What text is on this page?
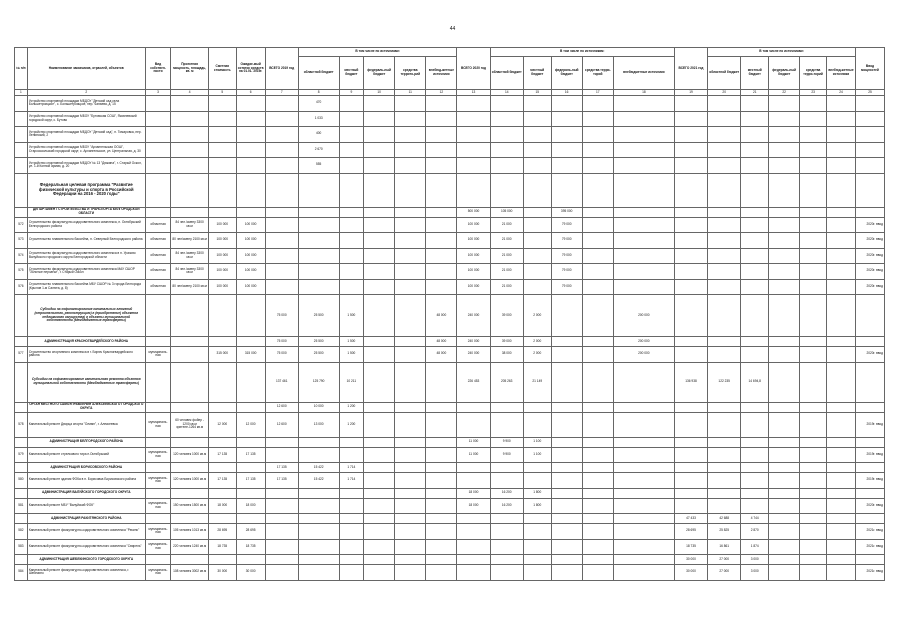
44
№ п/п	Наименование заказчиков, отраслей, объектов	Вид собствен-ности	Проектная мощность, площадь, кв. м	Сметная стоимость	Ожидае-мый остаток средств на 01.01. 2019г.	ВСЕГО 2019 год	В том числе по источникам:					ВСЕГО 2020 год	В том числе по источникам:					ВСЕГО 2021 год	В том числе по источникам:					Ввод мощностей
							областной бюджет	местный бюджет	федераль-ный бюджет	средства террито-рий	внебюд-жетные источники		областной бюджет	местный бюджет	федераль-ный бюджет	средства терри-торий	внебюджетные источники		областной бюджет	местный бюджет	федераль-ный бюджет	средства терри-торий	внебюд-жетные источники	
1	2	3	4	5	6	7	8	9	10	11	12	13	14	15	16	17	18	19	20	21	22	23	24	25
	Устройство спортивной площадки МБДОУ "Детский сад села Большетроицкое", с. Большетроицкое, пер. Чапаева, д. 15						470																	
	Устройство спортивной площадки МБОУ "Бутовская СОШ", Яковлевский городской округ, с. Бутово						1 033																	
	Устройство спортивной площадки МБДОУ "Детский сад", п. Томаровка, пер. Ленинский, 2						400																	
	Устройство спортивной площадки МБОУ "Архангельская ООШ", Старооскольский городской округ, с. Архангельское, ул. Центральная, д. 30						2 670																	
	Устройство спортивной площадки МБДОУ № 13 "Дюжина", г. Старый Оскол, ул. 1-й Конной армии, д. 20						555																	
	Федеральная целевая программа "Развитие физической культуры и спорта в Российской Федерации на 2016 - 2020 годы"																							
	ДЕПАРТАМЕНТ СТРОИТЕЛЬСТВА И ТРАНСПОРТА БЕЛГОРОДСКОЙ ОБЛАСТИ											500 000	105 000		395 000									
572	Строительство физкультурно-оздоровительного комплекса, п. Октябрьский Белгородского района	областная	84 чел./смену 3300 кв.м	100 000	100 000							100 000	21 000		79 000									2020г. ввод
573	Строительство плавательного бассейна, п. Северный Белгородского района	областная	80 чел/смену 2100 кв.м	100 000	100 000							100 000	21 000		79 000									2020г. ввод
574	Строительство физкультурно-оздоровительного комплекса в п. Уразово Валуйского городского округа Белгородской области	областная	84 чел./смену 3300 кв.м	100 000	100 000							100 000	21 000		79 000									2020г. ввод
575	Строительство физкультурно-оздоровительного комплекса МАУ СШОР "Золотые перчатки", г. Старый Оскол	областная	84 чел./смену 3300 кв.м	100 000	100 000							100 000	21 000		79 000									2020г. ввод
576	Строительство плавательного бассейна МБУ СШОР № 3 города Белгорода (Крылов 1-м Салюта, д. 8)	областная	80 чел/смену 2100 кв.м	100 000	100 000							100 000	21 000		79 000									2020г. ввод
	Субсидии на софинансирование капитальных вложений (строительство, реконструкцию) в (приобретение) объектов недвижимого имущества) в объекты муниципальной собственности (Межбюджетные трансферты)					75 000	25 500	1 500			48 000	240 000	39 000	2 000			200 000							
	АДМИНИСТРАЦИЯ КРАСНОГВАРДЕЙСКОГО РАЙОНА					75 000	25 500	1 500			48 000	240 000	39 000	2 000			200 000							
577	Строительство спортивного комплекса в г. Бирюч Красногвардейского района	муниципаль-ная		315 000	315 000	75 000	25 500	1 500			48 000	240 000	38 000	2 000			200 000							2020г. ввод
	Субсидии на софинансирование капитального ремонта объектов муниципальной собственности (Межбюджетные трансферты)					137 461	125 790	10 211				226 453	205 263	21 149				136 938	122 235	14 694,8				
	ОРГАН МЕСТНОГО САМОУПРАВЛЕНИЯ АЛЕКСЕЕВСКОГО ГОРОДСКОГО ОКРУГА					12 600	10 000	1 200																
578	Капитальный ремонт Дворца спорта "Олимп", г. Алексеевка	муниципаль-ная	60 человек фойер - 1200 кв.м зрителе-1264 кв.м	12 000	12 000	12 600	13 000	1 200																2019г. ввод
	АДМИНИСТРАЦИЯ БЕЛГОРОДСКОГО РАЙОНА											11 000	9 900	1 100										
579	Капитальный ремонт стрелкового тира п.Октябрьский	муниципаль-ная	120 человек 1000 кв.м	17 135	17 135							11 000	9 900	1 100										2019г. ввод
	АДМИНИСТРАЦИЯ БОРИСОВСКОГО РАЙОНА					17 135	15 422	1 714																
580	Капитальный ремонт здания ФОКа в п. Борисовка Борисовского района	муниципаль-ная	120 человек 1000 кв.м	17 135	17 135	17 135	15 422	1 714																2019г. ввод
	АДМИНИСТРАЦИЯ ВАЛУЙСКОГО ГОРОДСКОГО ОКРУГА											18 000	16 200	1 800										
581	Капитальный ремонт МБУ "Валуйский ФОК"	муниципаль-ная	150 человек 1500 кв.м	18 000	18 000							18 000	16 200	1 800										2020г. ввод
	АДМИНИСТРАЦИЯ РАКИТЯНСКОГО РАЙОНА																	47 433	42 688	4 744				
582	Капитальный ремонт физкультурно-оздоровительного комплекса "Рекинс"	муниципаль-ная	105 человек 1013 кв.м	28 695	28 695													28 695	25 825	2 870				2021г. ввод
583	Капитальный ремонт физкультурно-оздоровительного комплекса "Свирель"	муниципаль-ная	220 человек 1240 кв.м	18 735	18 735													18 735	16 861	1 874				2021г. ввод
	АДМИНИСТРАЦИЯ ШЕБЕКИНСКОГО ГОРОДСКОГО ОКРУГА																	30 000	27 000	3 000				
584	Капитальный ремонт физкультурно-оздоровительного комплекса, г. Шебекино	муниципаль-ная	108 человек 3002 кв.м	30 000	30 000													30 000	27 000	3 000				2021г. ввод
